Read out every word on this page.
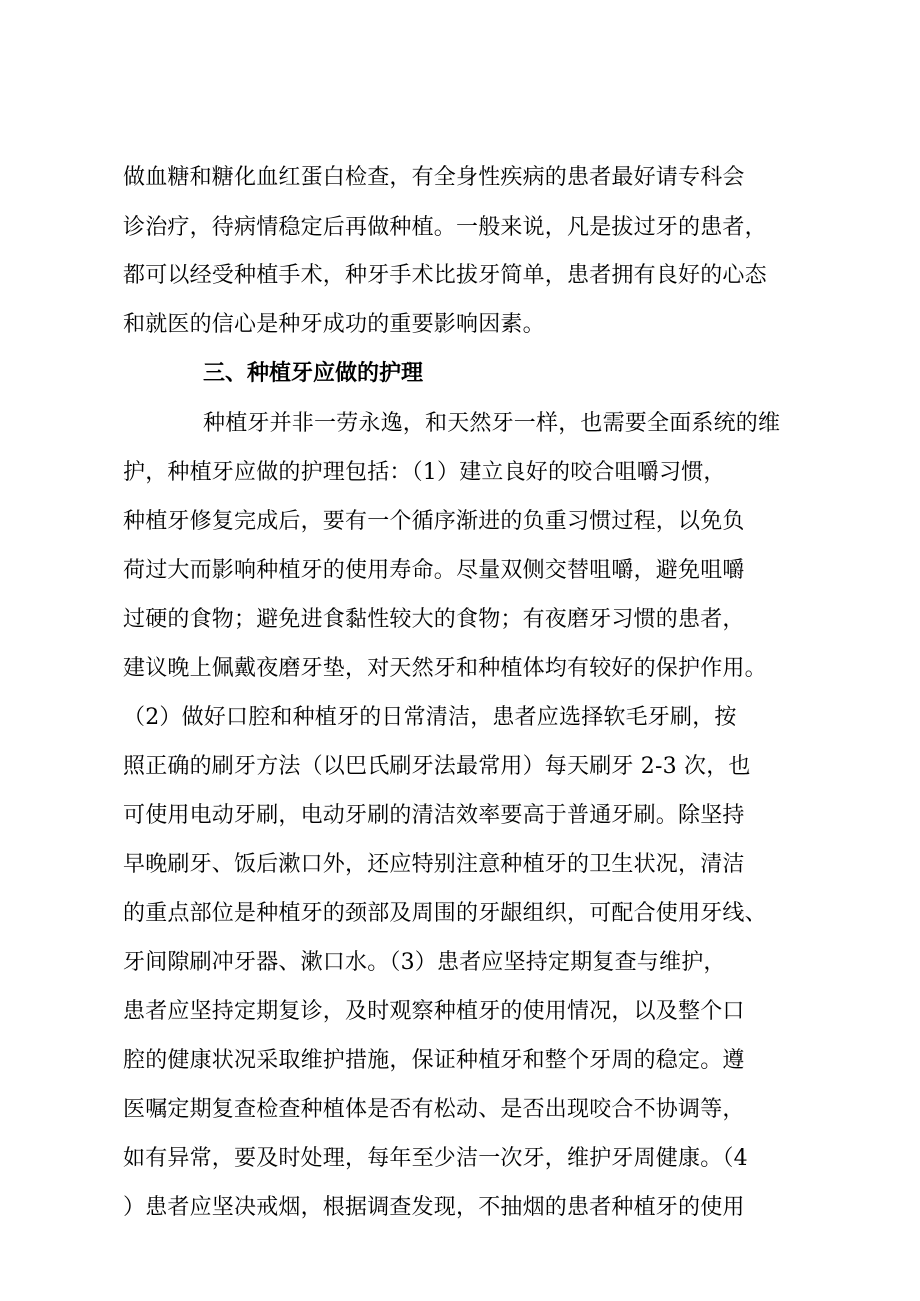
做血糖和糖化血红蛋白检查，有全身性疾病的患者最好请专科会
诊治疗，待病情稳定后再做种植。一般来说，凡是拔过牙的患者，
都可以经受种植手术，种牙手术比拔牙简单，患者拥有良好的心态
和就医的信心是种牙成功的重要影响因素。
三、种植牙应做的护理
种植牙并非一劳永逸，和天然牙一样，也需要全面系统的维
护，种植牙应做的护理包括：（1）建立良好的咬合咀嚼习惯，
种植牙修复完成后，要有一个循序渐进的负重习惯过程，以免负
荷过大而影响种植牙的使用寿命。尽量双侧交替咀嚼，避免咀嚼
过硬的食物；避免进食黏性较大的食物；有夜磨牙习惯的患者，
建议晚上佩戴夜磨牙垫，对天然牙和种植体均有较好的保护作用。
（2）做好口腔和种植牙的日常清洁，患者应选择软毛牙刷，按
照正确的刷牙方法（以巴氏刷牙法最常用）每天刷牙 2-3 次，也
可使用电动牙刷，电动牙刷的清洁效率要高于普通牙刷。除坚持
早晚刷牙、饭后漱口外，还应特别注意种植牙的卫生状况，清洁
的重点部位是种植牙的颈部及周围的牙龈组织，可配合使用牙线、
牙间隙刷冲牙器、漱口水。（3）患者应坚持定期复查与维护，
患者应坚持定期复诊，及时观察种植牙的使用情况，以及整个口
腔的健康状况采取维护措施，保证种植牙和整个牙周的稳定。遵
医嘱定期复查检查种植体是否有松动、是否出现咬合不协调等，
如有异常，要及时处理，每年至少洁一次牙，维护牙周健康。（4
）患者应坚决戒烟，根据调查发现，不抽烟的患者种植牙的使用
